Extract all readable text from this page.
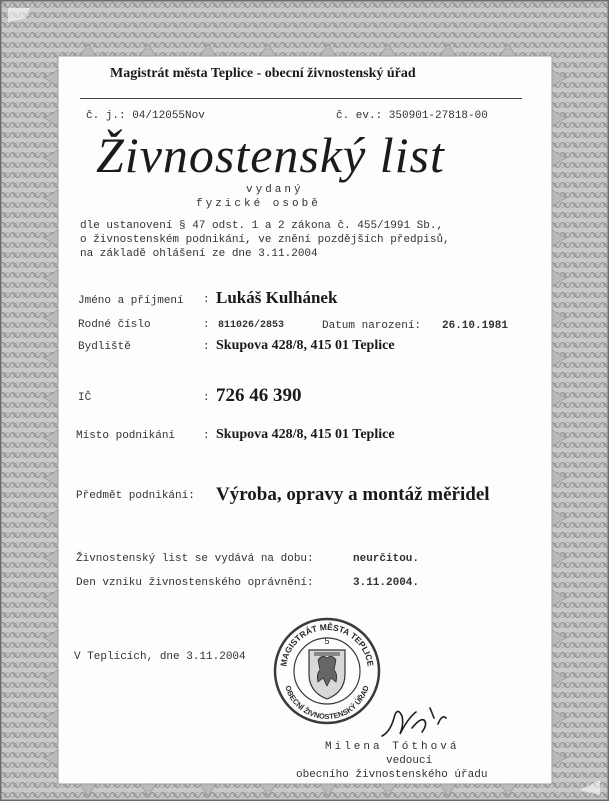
Magistrát města Teplice - obecní živnostenský úřad
č. j.: 04/12055Nov	č. ev.: 350901-27818-00
Živnostenský list
vydaný
fyzické osobě
dle ustanovení § 47 odst. 1 a 2 zákona č. 455/1991 Sb.,
o živnostenském podnikání, ve znění pozdějších předpisů,
na základě ohlášení ze dne 3.11.2004
Jméno a příjmení : Lukáš Kulhánek
Rodné číslo	: 811026/2853	Datum narození: 26.10.1981
Bydliště	: Skupova 428/8, 415 01 Teplice
IČ	: 726 46 390
Místo podnikání	: Skupova 428/8, 415 01 Teplice
Předmět podnikání: Výroba, opravy a montáž měřidel
Živnostenský list se vydává na dobu:	neurčitou.
Den vzniku živnostenského oprávnění:	3.11.2004.
V Teplicích, dne 3.11.2004	MAGISTRÁT MĚSTA TEPLICE
OBECNÍ ŽIVNOSTENSKÝ ÚŘAD
5
Milena Tóthová
vedoucí
obecního živnostenského úřadu
